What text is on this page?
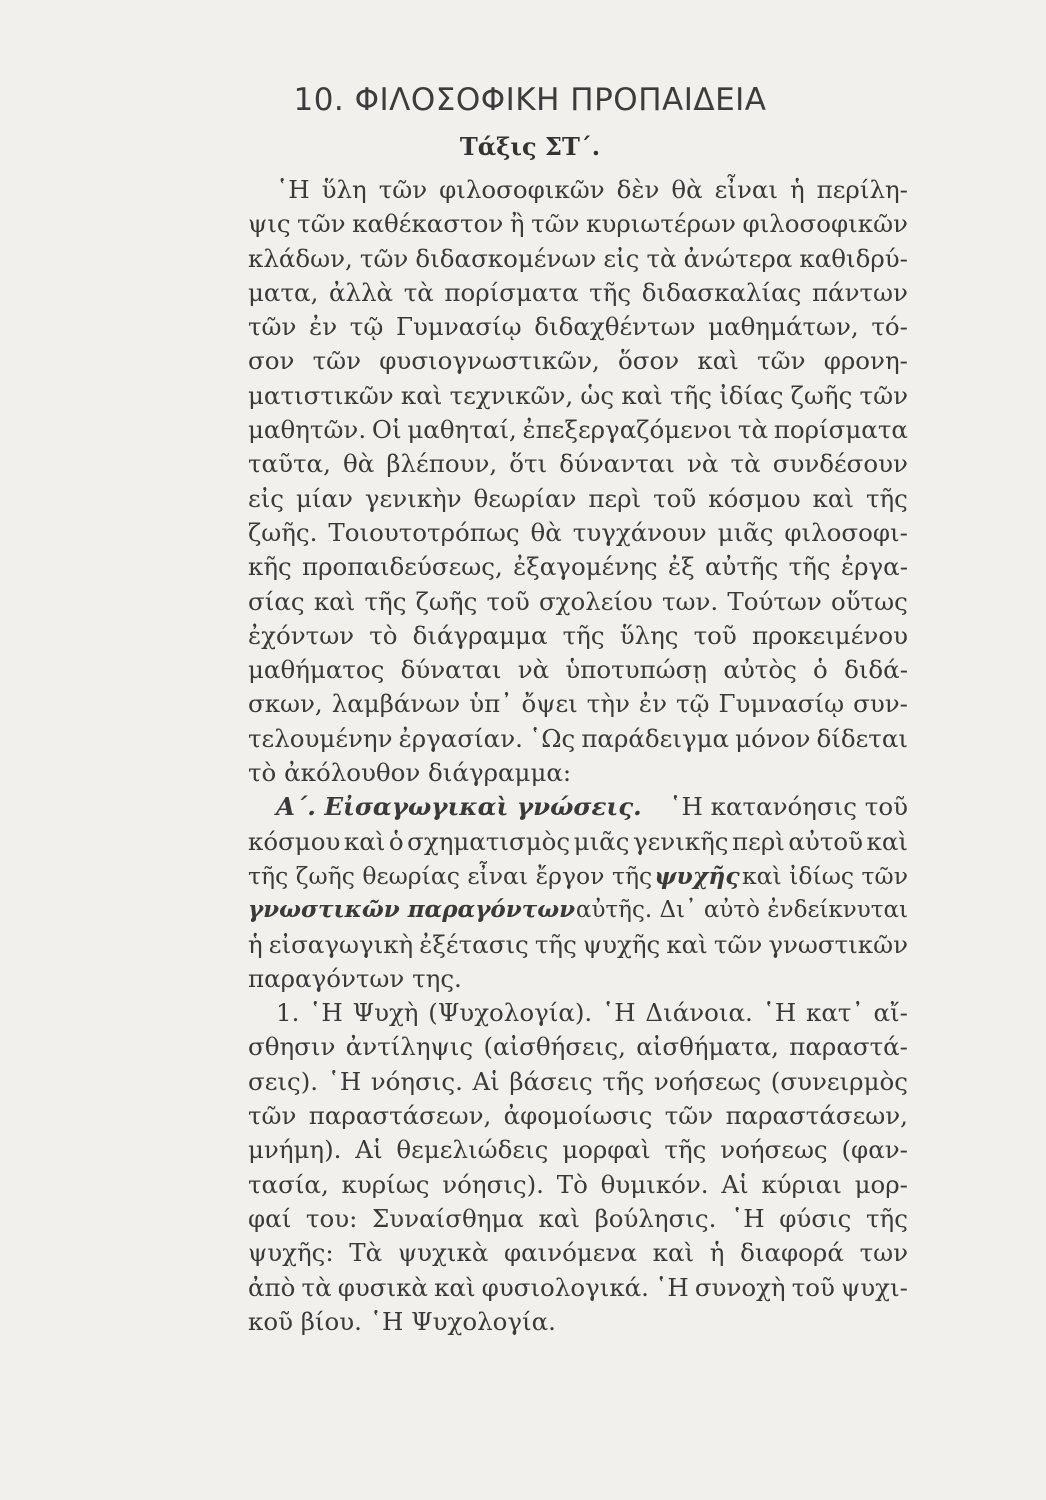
10. ΦΙΛΟΣΟΦΙΚΗ ΠΡΟΠΑΙΔΕΙΑ
Τάξις ΣΤ΄.
῾Η ὕλη τῶν φιλοσοφικῶν δὲν θὰ εἶναι ἡ περίλη-
ψις τῶν καθέκαστον ἢ τῶν κυριωτέρων φιλοσοφικῶν
κλάδων, τῶν διδασκομένων εἰς τὰ ἀνώτερα καθιδρύ-
ματα, ἀλλὰ τὰ πορίσματα τῆς διδασκαλίας πάντων
τῶν ἐν τῷ Γυμνασίῳ διδαχθέντων μαθημάτων, τό-
σον τῶν φυσιογνωστικῶν, ὅσον καὶ τῶν φρονη-
ματιστικῶν καὶ τεχνικῶν, ὡς καὶ τῆς ἰδίας ζωῆς τῶν
μαθητῶν. Οἱ μαθηταί, ἐπεξεργαζόμενοι τὰ πορίσματα
ταῦτα, θὰ βλέπουν, ὅτι δύνανται νὰ τὰ συνδέσουν
εἰς μίαν γενικὴν θεωρίαν περὶ τοῦ κόσμου καὶ τῆς
ζωῆς. Τοιουτοτρόπως θὰ τυγχάνουν μιᾶς φιλοσοφι-
κῆς προπαιδεύσεως, ἐξαγομένης ἐξ αὐτῆς τῆς ἐργα-
σίας καὶ τῆς ζωῆς τοῦ σχολείου των. Τούτων οὕτως
ἐχόντων τὸ διάγραμμα τῆς ὕλης τοῦ προκειμένου
μαθήματος δύναται νὰ ὑποτυπώσῃ αὐτὸς ὁ διδά-
σκων, λαμβάνων ὑπ᾿ ὄψει τὴν ἐν τῷ Γυμνασίῳ συν-
τελουμένην ἐργασίαν. ῾Ως παράδειγμα μόνον δίδεται
τὸ ἀκόλουθον διάγραμμα:
Α΄. Εἰσαγωγικαὶ γνώσεις. ῾Η κατανόησις τοῦ
κόσμου καὶ ὁ σχηματισμὸς μιᾶς γενικῆς περὶ αὐτοῦ καὶ
τῆς ζωῆς θεωρίας εἶναι ἔργον τῆς ψυχῆς καὶ ἰδίως τῶν
γνωστικῶν παραγόντων αὐτῆς. Δι᾿ αὐτὸ ἐνδείκνυται
ἡ εἰσαγωγικὴ ἐξέτασις τῆς ψυχῆς καὶ τῶν γνωστικῶν
παραγόντων της.
1. ῾Η Ψυχὴ (Ψυχολογία). ῾Η Διάνοια. ῾Η κατ᾿ αἴ-
σθησιν ἀντίληψις (αἰσθήσεις, αἰσθήματα, παραστά-
σεις). ῾Η νόησις. Αἱ βάσεις τῆς νοήσεως (συνειρμὸς
τῶν παραστάσεων, ἀφομοίωσις τῶν παραστάσεων,
μνήμη). Αἱ θεμελιώδεις μορφαὶ τῆς νοήσεως (φαν-
τασία, κυρίως νόησις). Τὸ θυμικόν. Αἱ κύριαι μορ-
φαί του: Συναίσθημα καὶ βούλησις. ῾Η φύσις τῆς
ψυχῆς: Τὰ ψυχικὰ φαινόμενα καὶ ἡ διαφορά των
ἀπὸ τὰ φυσικὰ καὶ φυσιολογικά. ῾Η συνοχὴ τοῦ ψυχι-
κοῦ βίου. ῾Η Ψυχολογία.
